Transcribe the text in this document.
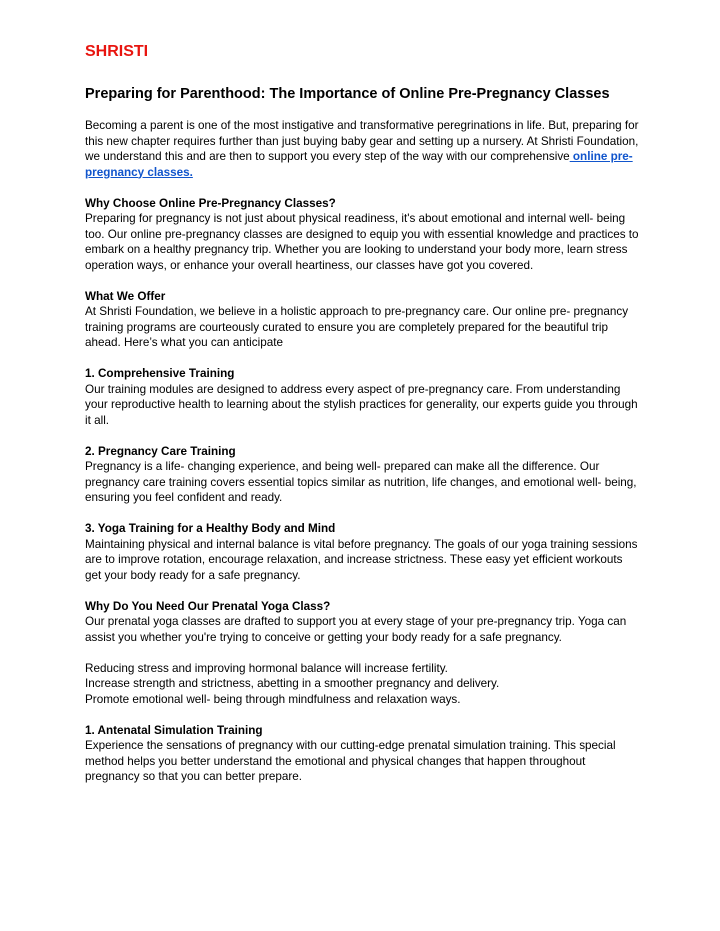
SHRISTI
Preparing for Parenthood: The Importance of Online Pre-Pregnancy Classes

Becoming a parent is one of the most instigative and transformative peregrinations in life. But, preparing for this new chapter requires further than just buying baby gear and setting up a nursery. At Shristi Foundation, we understand this and are then to support you every step of the way with our comprehensive online pre-pregnancy classes.

Why Choose Online Pre-Pregnancy Classes?
Preparing for pregnancy is not just about physical readiness, it's about emotional and internal well- being too. Our online pre-pregnancy classes are designed to equip you with essential knowledge and practices to embark on a healthy pregnancy trip. Whether you are looking to understand your body more, learn stress operation ways, or enhance your overall heartiness, our classes have got you covered.
What We Offer
At Shristi Foundation, we believe in a holistic approach to pre-pregnancy care. Our online pre- pregnancy training programs are courteously curated to ensure you are completely prepared for the beautiful trip ahead. Here’s what you can anticipate
1. Comprehensive Training
Our training modules are designed to address every aspect of pre-pregnancy care. From understanding your reproductive health to learning about the stylish practices for generality, our experts guide you through it all.
2. Pregnancy Care Training
Pregnancy is a life- changing experience, and being well- prepared can make all the difference. Our pregnancy care training covers essential topics similar as nutrition, life changes, and emotional well- being, ensuring you feel confident and ready.
3. Yoga Training for a Healthy Body and Mind
Maintaining physical and internal balance is vital before pregnancy. The goals of our yoga training sessions are to improve rotation, encourage relaxation, and increase strictness. These easy yet efficient workouts get your body ready for a safe pregnancy.
Why Do You Need Our Prenatal Yoga Class?
Our prenatal yoga classes are drafted to support you at every stage of your pre-pregnancy trip. Yoga can assist you whether you're trying to conceive or getting your body ready for a safe pregnancy.
Reducing stress and improving hormonal balance will increase fertility.
Increase strength and strictness, abetting in a smoother pregnancy and delivery.
Promote emotional well- being through mindfulness and relaxation ways.
1. Antenatal Simulation Training
Experience the sensations of pregnancy with our cutting-edge prenatal simulation training. This special method helps you better understand the emotional and physical changes that happen throughout pregnancy so that you can better prepare.
